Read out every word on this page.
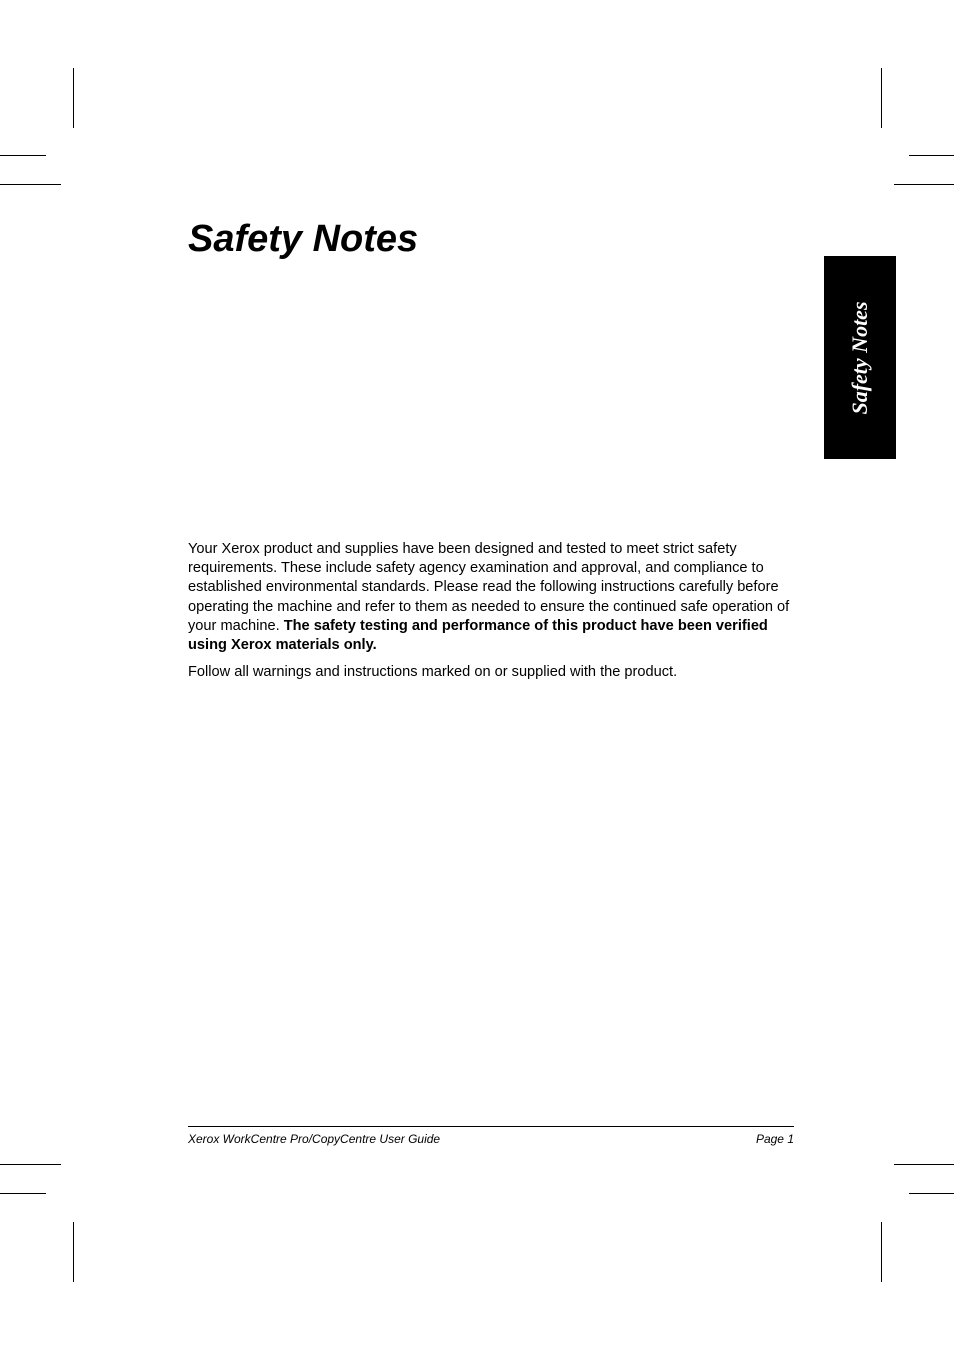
Safety Notes
Safety Notes

Your Xerox product and supplies have been designed and tested to meet strict safety requirements. These include safety agency examination and approval, and compliance to established environmental standards. Please read the following instructions carefully before operating the machine and refer to them as needed to ensure the continued safe operation of your machine. The safety testing and performance of this product have been verified using Xerox materials only.

Follow all warnings and instructions marked on or supplied with the product.

Xerox WorkCentre Pro/CopyCentre User Guide	Page 1
